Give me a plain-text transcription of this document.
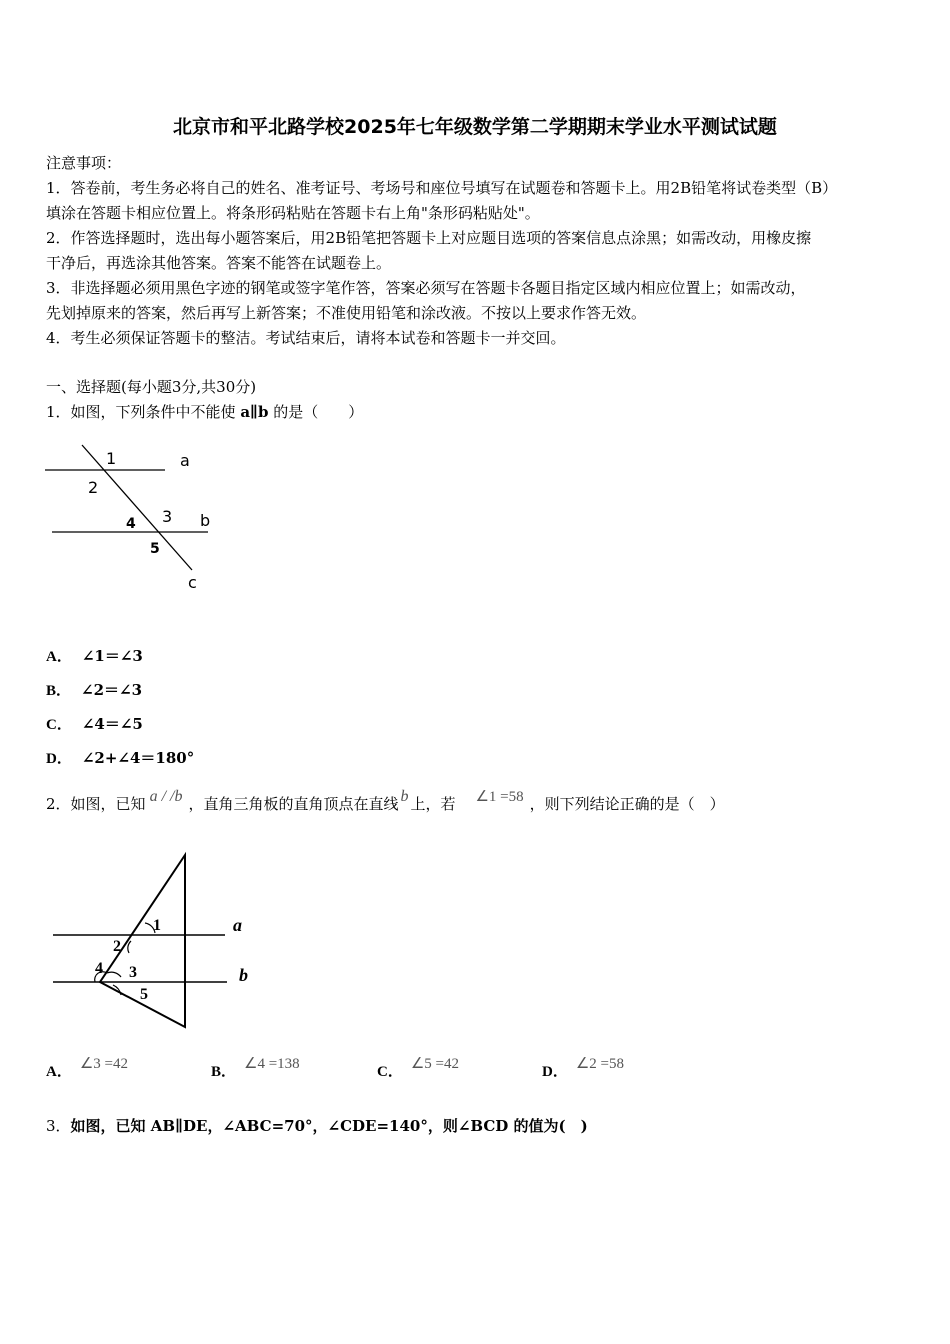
北京市和平北路学校2025年七年级数学第二学期期末学业水平测试试题
注意事项：
1．答卷前，考生务必将自己的姓名、准考证号、考场号和座位号填写在试题卷和答题卡上。用2B铅笔将试卷类型（B）
填涂在答题卡相应位置上。将条形码粘贴在答题卡右上角"条形码粘贴处"。
2．作答选择题时，选出每小题答案后，用2B铅笔把答题卡上对应题目选项的答案信息点涂黑；如需改动，用橡皮擦
干净后，再选涂其他答案。答案不能答在试题卷上。
3．非选择题必须用黑色字迹的钢笔或签字笔作答，答案必须写在答题卡各题目指定区域内相应位置上；如需改动，
先划掉原来的答案，然后再写上新答案；不准使用铅笔和涂改液。不按以上要求作答无效。
4．考生必须保证答题卡的整洁。考试结束后，请将本试卷和答题卡一并交回。
一、选择题(每小题3分,共30分)
1．如图，下列条件中不能使 a∥b 的是（　　）
1	a
2
3 b
4
5
c
A． ∠1＝∠3
B． ∠2＝∠3
C． ∠4＝∠5
D． ∠2+∠4＝180°
2．如图，已知 a / /b ，直角三角板的直角顶点在直线 b 上，若 ∠1 =58 ，则下列结论正确的是（　）
1	a
2
4 3	b
5
A． ∠3 =42	B． ∠4 =138	C． ∠5 =42	D． ∠2 =58
3．如图，已知 AB∥DE，∠ABC=70°，∠CDE=140°，则∠BCD 的值为(　)
